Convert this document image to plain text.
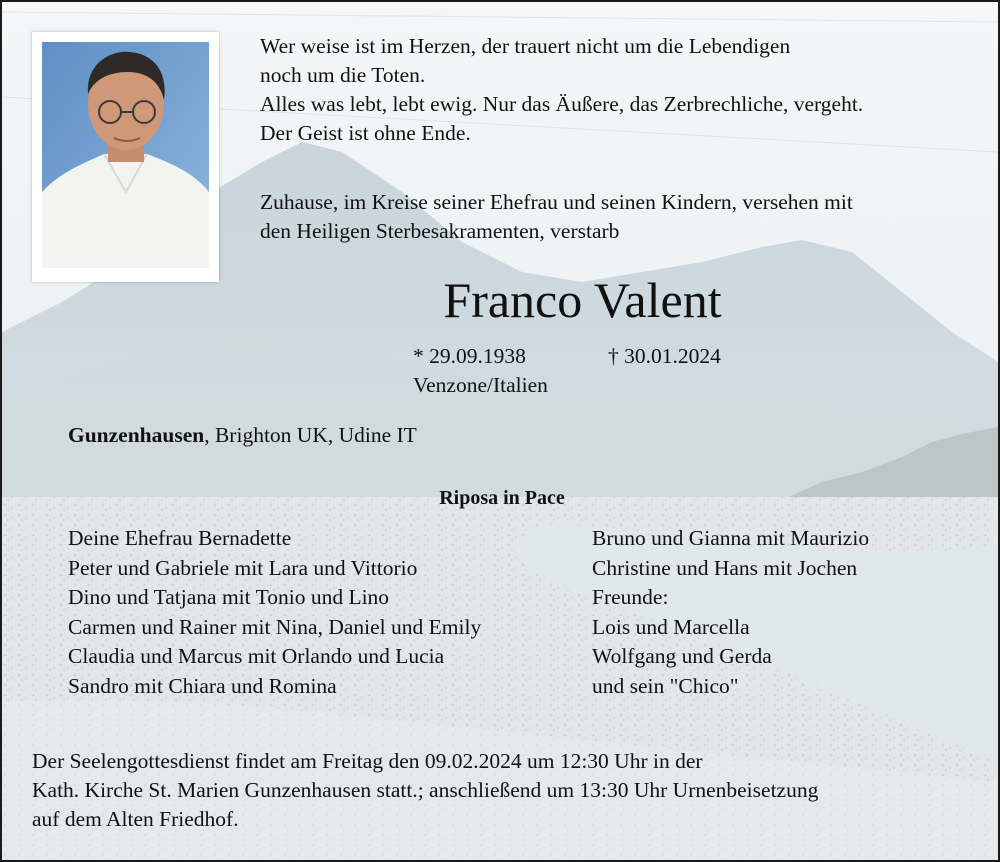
Wer weise ist im Herzen, der trauert nicht um die Lebendigen
noch um die Toten.
Alles was lebt, lebt ewig. Nur das Äußere, das Zerbrechliche, vergeht.
Der Geist ist ohne Ende.
Zuhause, im Kreise seiner Ehefrau und seinen Kindern, versehen mit
den Heiligen Sterbesakramenten, verstarb
Franco Valent
* 29.09.1938	† 30.01.2024
Venzone/Italien
Gunzenhausen, Brighton UK, Udine IT
Riposa in Pace
Deine Ehefrau Bernadette
Peter und Gabriele mit Lara und Vittorio
Dino und Tatjana mit Tonio und Lino
Carmen und Rainer mit Nina, Daniel und Emily
Claudia und Marcus mit Orlando und Lucia
Sandro mit Chiara und Romina
Bruno und Gianna mit Maurizio
Christine und Hans mit Jochen
Freunde:
Lois und Marcella
Wolfgang und Gerda
und sein "Chico"
Der Seelengottesdienst findet am Freitag den 09.02.2024 um 12:30 Uhr in der
Kath. Kirche St. Marien Gunzenhausen statt.; anschließend um 13:30 Uhr Urnenbeisetzung
auf dem Alten Friedhof.
